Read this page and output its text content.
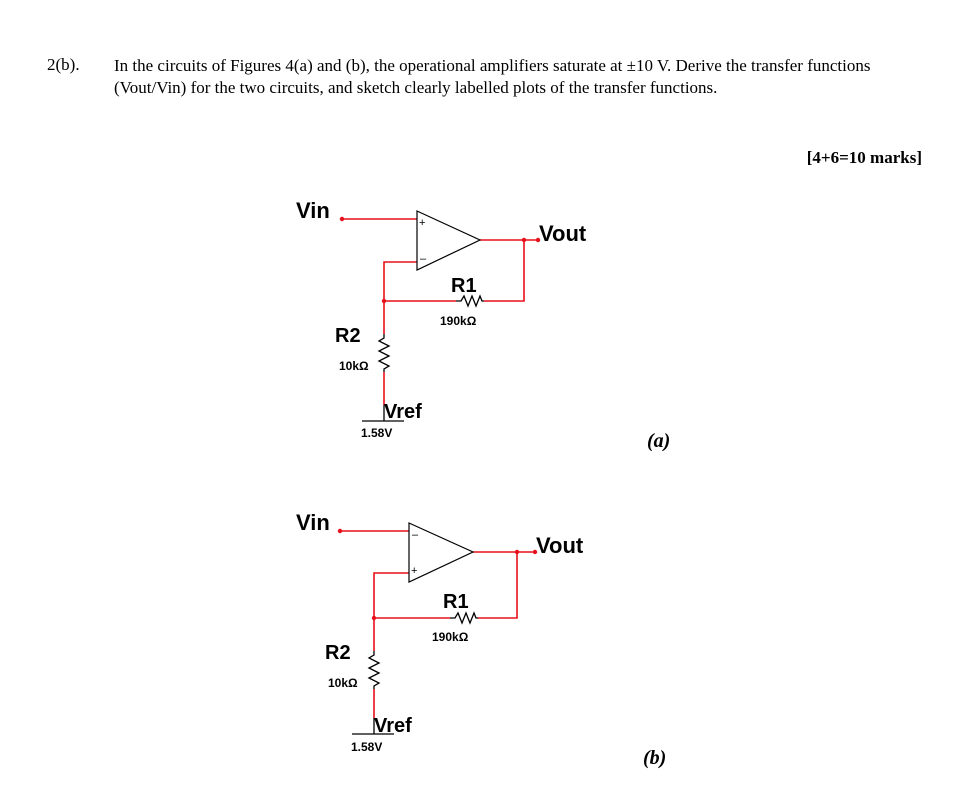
2(b). In the circuits of Figures 4(a) and (b), the operational amplifiers saturate at ±10 V. Derive the transfer functions (Vout/Vin) for the two circuits, and sketch clearly labelled plots of the transfer functions.
[4+6=10 marks]
+
–
Vin
Vout
R1
190kΩ
R2
10kΩ
Vref
1.58V	(a)
–
+
Vin
Vout
R1
190kΩ
R2
10kΩ
Vref
1.58V	(b)
